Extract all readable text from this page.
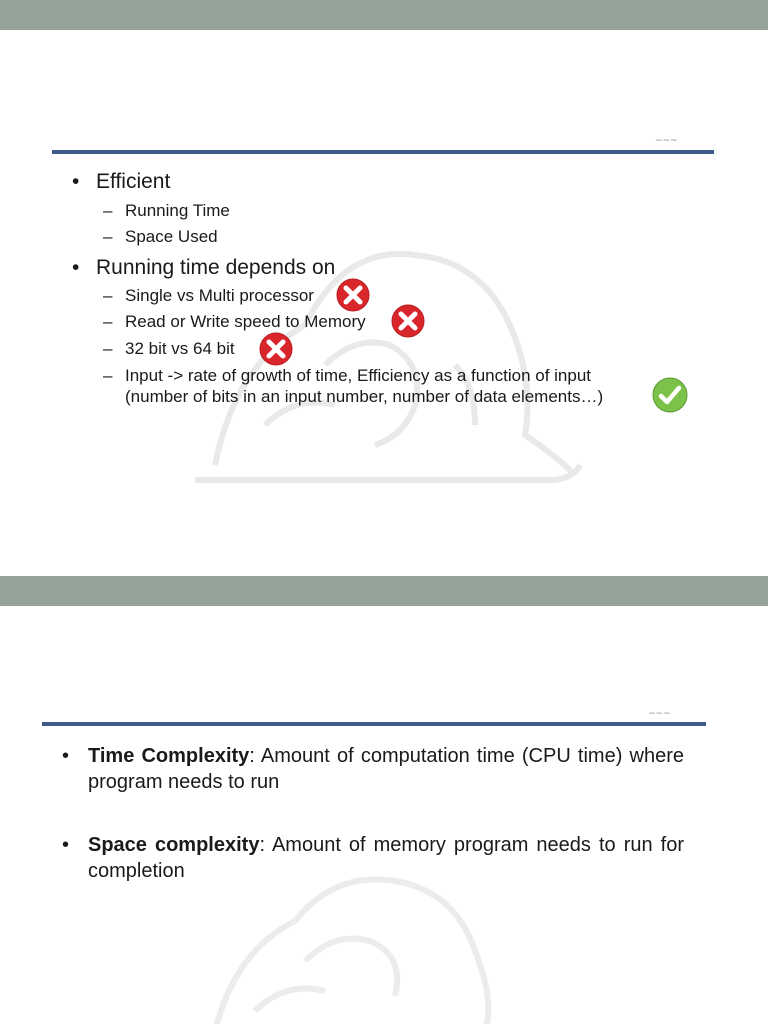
~~~
• Efficient
– Running Time
– Space Used
• Running time depends on
– Single vs Multi processor
– Read or Write speed to Memory
– 32 bit vs 64 bit
– Input -> rate of growth of time, Efficiency as a function of input
(number of bits in an input number, number of data elements…)
~~~
• Time Complexity: Amount of computation time (CPU time) where program needs to run
• Space complexity: Amount of memory program needs to run for completion
